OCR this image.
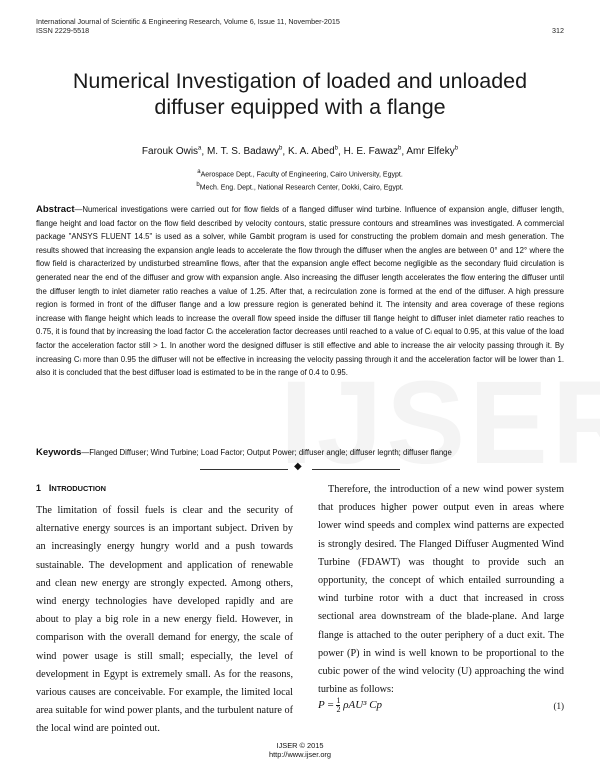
International Journal of Scientific & Engineering Research, Volume 6, Issue 11, November-2015
ISSN 2229-5518	312
Numerical Investigation of loaded and unloaded
diffuser equipped with a flange
Farouk Owis$^a$, M. T. S. Badawy$^b$, K. A. Abed$^b$, H. E. Fawaz$^b$, Amr Elfeky$^b$
$^a$Aerospace Dept., Faculty of Engineering, Cairo University, Egypt.
$^b$Mech. Eng. Dept., National Research Center, Dokki, Cairo, Egypt.
Abstract—Numerical investigations were carried out for flow fields of a flanged diffuser wind turbine. Influence of expansion angle, diffuser length, flange height and load factor on the flow field described by velocity contours, static pressure contours and streamlines was investigated. A commercial package "ANSYS FLUENT 14.5" is used as a solver, while Gambit program is used for constructing the problem domain and mesh generation. The results showed that increasing the expansion angle leads to accelerate the flow through the diffuser when the angles are between 0° and 12° where the flow field is characterized by undisturbed streamline flows, after that the expansion angle effect become negligible as the secondary fluid circulation is generated near the end of the diffuser and grow with expansion angle. Also increasing the diffuser length accelerates the flow entering the diffuser until the diffuser length to inlet diameter ratio reaches a value of 1.25. After that, a recirculation zone is formed at the end of the diffuser. A high pressure region is formed in front of the diffuser flange and a low pressure region is generated behind it. The intensity and area coverage of these regions increase with flange height which leads to increase the overall flow speed inside the diffuser till flange height to diffuser inlet diameter ratio reaches to 0.75, it is found that by increasing the load factor Cₗ the acceleration factor decreases until reached to a value of Cₗ equal to 0.95, at this value of the load factor the acceleration factor still > 1. In another word the designed diffuser is still effective and able to increase the air velocity passing through it. By increasing Cₗ more than 0.95 the diffuser will not be effective in increasing the velocity passing through it and the acceleration factor will be lower than 1. also it is concluded that the best diffuser load is estimated to be in the range of 0.4 to 0.95.
Keywords—Flanged Diffuser; Wind Turbine; Load Factor; Output Power; diffuser angle; diffuser legnth; diffuser flange
◆
1 INTRODUCTION

The limitation of fossil fuels is clear and the security of alternative energy sources is an important subject. Driven by an increasingly energy hungry world and a push towards sustainable. The development and application of renewable and clean new energy are strongly expected. Among others, wind energy technologies have developed rapidly and are about to play a big role in a new energy field. However, in comparison with the overall demand for energy, the scale of wind power usage is still small; especially, the level of development in Egypt is extremely small. As for the reasons, various causes are conceivable. For example, the limited local area suitable for wind power plants, and the turbulent nature of the local wind are pointed out.

Therefore, the introduction of a new wind power system that produces higher power output even in areas where lower wind speeds and complex wind patterns are expected is strongly desired. The Flanged Diffuser Augmented Wind Turbine (FDAWT) was thought to provide such an opportunity, the concept of which entailed surrounding a wind turbine rotor with a duct that increased in cross sectional area downstream of the blade-plane. And large flange is attached to the outer periphery of a duct exit. The power (P) in wind is well known to be proportional to the cubic power of the wind velocity (U) approaching the wind turbine as follows:

$P = \frac{1}{2} \rho AU^3$ Cp	(1)
IJSER © 2015
http://www.ijser.org
